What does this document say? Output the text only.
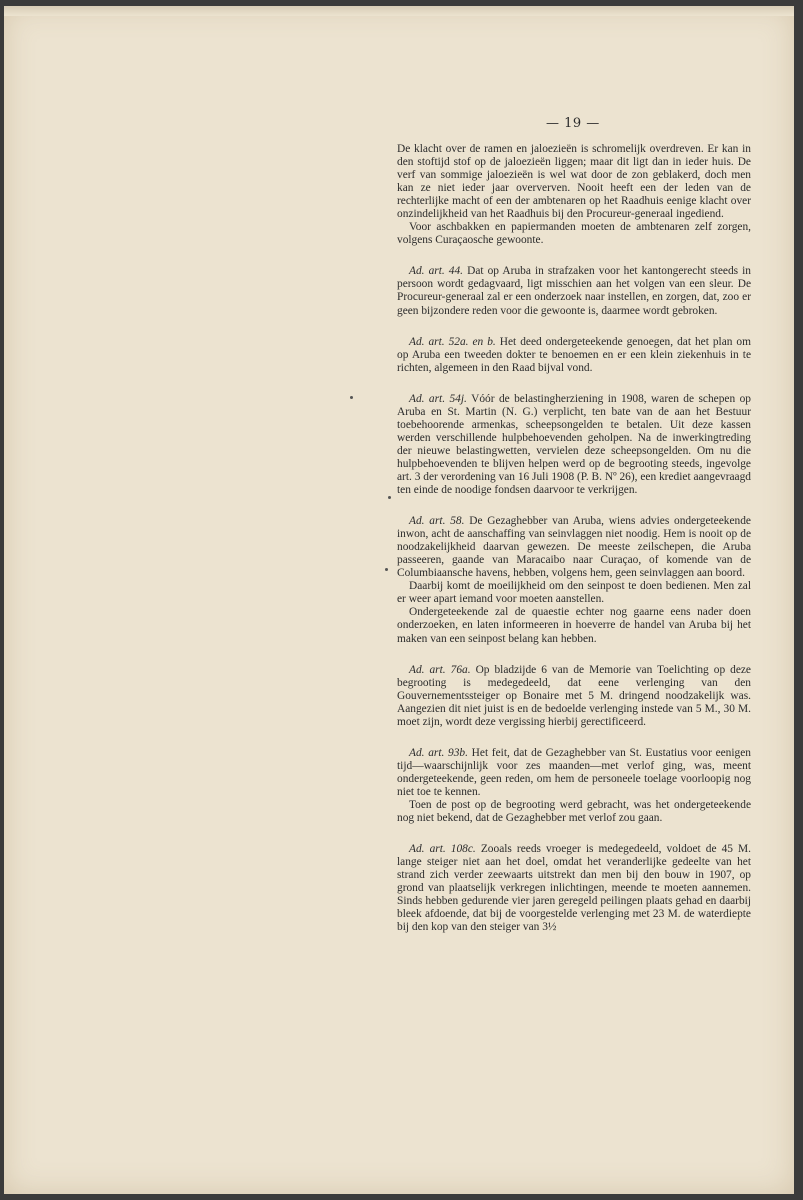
— 19 —

De klacht over de ramen en jaloezieën is schromelijk overdreven. Er kan in den stoftijd stof op de jaloezieën liggen; maar dit ligt dan in ieder huis. De verf van sommige jaloezieën is wel wat door de zon geblakerd, doch men kan ze niet ieder jaar oververven. Nooit heeft een der leden van de rechterlijke macht of een der ambtenaren op het Raadhuis eenige klacht over onzindelijkheid van het Raadhuis bij den Procureur-generaal ingediend.

Voor aschbakken en papiermanden moeten de ambtenaren zelf zorgen, volgens Curaçaosche gewoonte.

Ad. art. 44. Dat op Aruba in strafzaken voor het kantongerecht steeds in persoon wordt gedagvaard, ligt misschien aan het volgen van een sleur. De Procureur-generaal zal er een onderzoek naar instellen, en zorgen, dat, zoo er geen bijzondere reden voor die gewoonte is, daarmee wordt gebroken.

Ad. art. 52a. en b. Het deed ondergeteekende genoegen, dat het plan om op Aruba een tweeden dokter te benoemen en er een klein ziekenhuis in te richten, algemeen in den Raad bijval vond.

Ad. art. 54j. Vóór de belastingherziening in 1908, waren de schepen op Aruba en St. Martin (N. G.) verplicht, ten bate van de aan het Bestuur toebehoorende armenkas, scheepsongelden te betalen. Uit deze kassen werden verschillende hulpbehoevenden geholpen. Na de inwerkingtreding der nieuwe belastingwetten, vervielen deze scheepsongelden. Om nu die hulpbehoevenden te blijven helpen werd op de begrooting steeds, ingevolge art. 3 der verordening van 16 Juli 1908 (P. B. Nº 26), een krediet aangevraagd ten einde de noodige fondsen daarvoor te verkrijgen.

Ad. art. 58. De Gezaghebber van Aruba, wiens advies ondergeteekende inwon, acht de aanschaffing van seinvlaggen niet noodig. Hem is nooit op de noodzakelijkheid daarvan gewezen. De meeste zeilschepen, die Aruba passeeren, gaande van Maracaibo naar Curaçao, of komende van de Columbiaansche havens, hebben, volgens hem, geen seinvlaggen aan boord.

Daarbij komt de moeilijkheid om den seinpost te doen bedienen. Men zal er weer apart iemand voor moeten aanstellen.

Ondergeteekende zal de quaestie echter nog gaarne eens nader doen onderzoeken, en laten informeeren in hoeverre de handel van Aruba bij het maken van een seinpost belang kan hebben.

Ad. art. 76a. Op bladzijde 6 van de Memorie van Toelichting op deze begrooting is medegedeeld, dat eene verlenging van den Gouvernementssteiger op Bonaire met 5 M. dringend noodzakelijk was. Aangezien dit niet juist is en de bedoelde verlenging instede van 5 M., 30 M. moet zijn, wordt deze vergissing hierbij gerectificeerd.

Ad. art. 93b. Het feit, dat de Gezaghebber van St. Eustatius voor eenigen tijd—waarschijnlijk voor zes maanden—met verlof ging, was, meent ondergeteekende, geen reden, om hem de personeele toelage voorloopig nog niet toe te kennen.

Toen de post op de begrooting werd gebracht, was het ondergeteekende nog niet bekend, dat de Gezaghebber met verlof zou gaan.

Ad. art. 108c. Zooals reeds vroeger is medegedeeld, voldoet de 45 M. lange steiger niet aan het doel, omdat het veranderlijke gedeelte van het strand zich verder zeewaarts uitstrekt dan men bij den bouw in 1907, op grond van plaatselijk verkregen inlichtingen, meende te moeten aannemen. Sinds hebben gedurende vier jaren geregeld peilingen plaats gehad en daarbij bleek afdoende, dat bij de voorgestelde verlenging met 23 M. de waterdiepte bij den kop van den steiger van 3½
